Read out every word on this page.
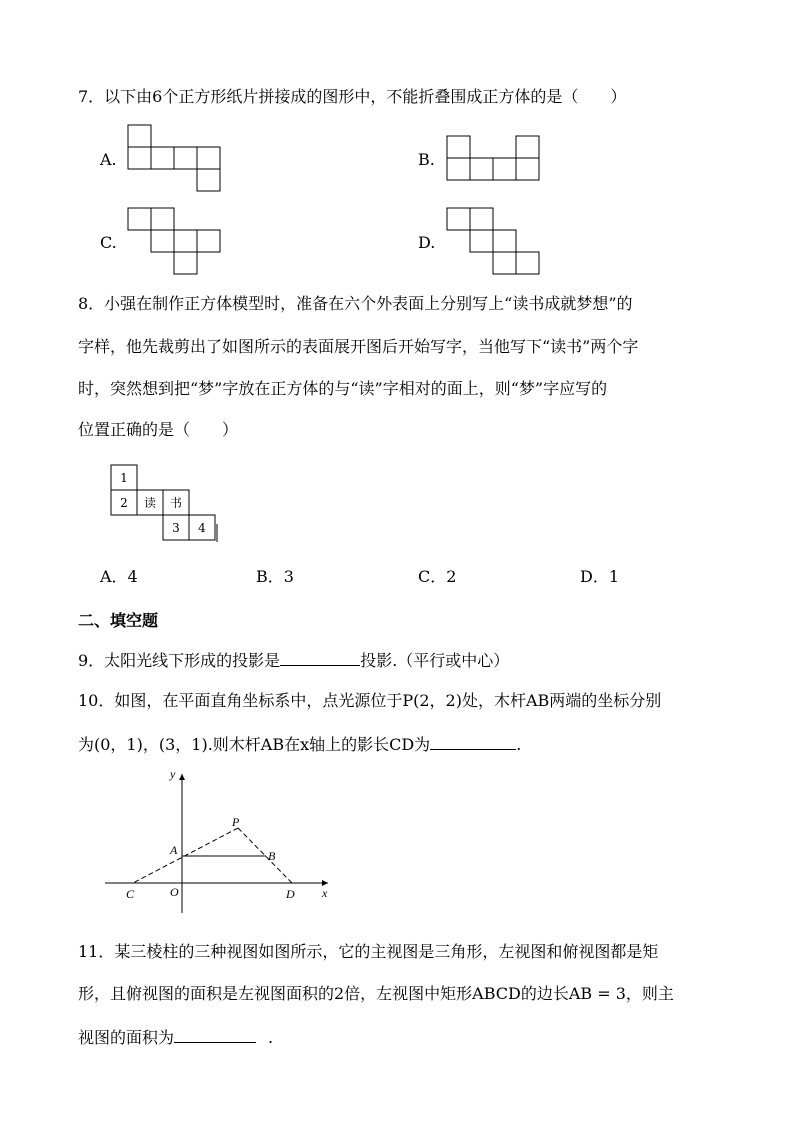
7．以下由6个正方形纸片拼接成的图形中，不能折叠围成正方体的是（　　）
A.	B.
C.	D.
8．小强在制作正方体模型时，准备在六个外表面上分别写上“读书成就梦想”的
字样，他先裁剪出了如图所示的表面展开图后开始写字，当他写下“读书”两个字
时，突然想到把“梦”字放在正方体的与“读”字相对的面上，则“梦”字应写的
位置正确的是（　　）
1
2 读 书
3 4
A．4	B．3	C．2	D．1
二、填空题
9．太阳光线下形成的投影是	投影.（平行或中心）
10．如图，在平面直角坐标系中，点光源位于P(2，2)处，木杆AB两端的坐标分别
为(0，1)，(3，1).则木杆AB在x轴上的影长CD为	.
y
x
P
A	B
C	O	D
11．某三棱柱的三种视图如图所示，它的主视图是三角形，左视图和俯视图都是矩
形，且俯视图的面积是左视图面积的2倍，左视图中矩形ABCD的边长AB = 3，则主
视图的面积为	.
